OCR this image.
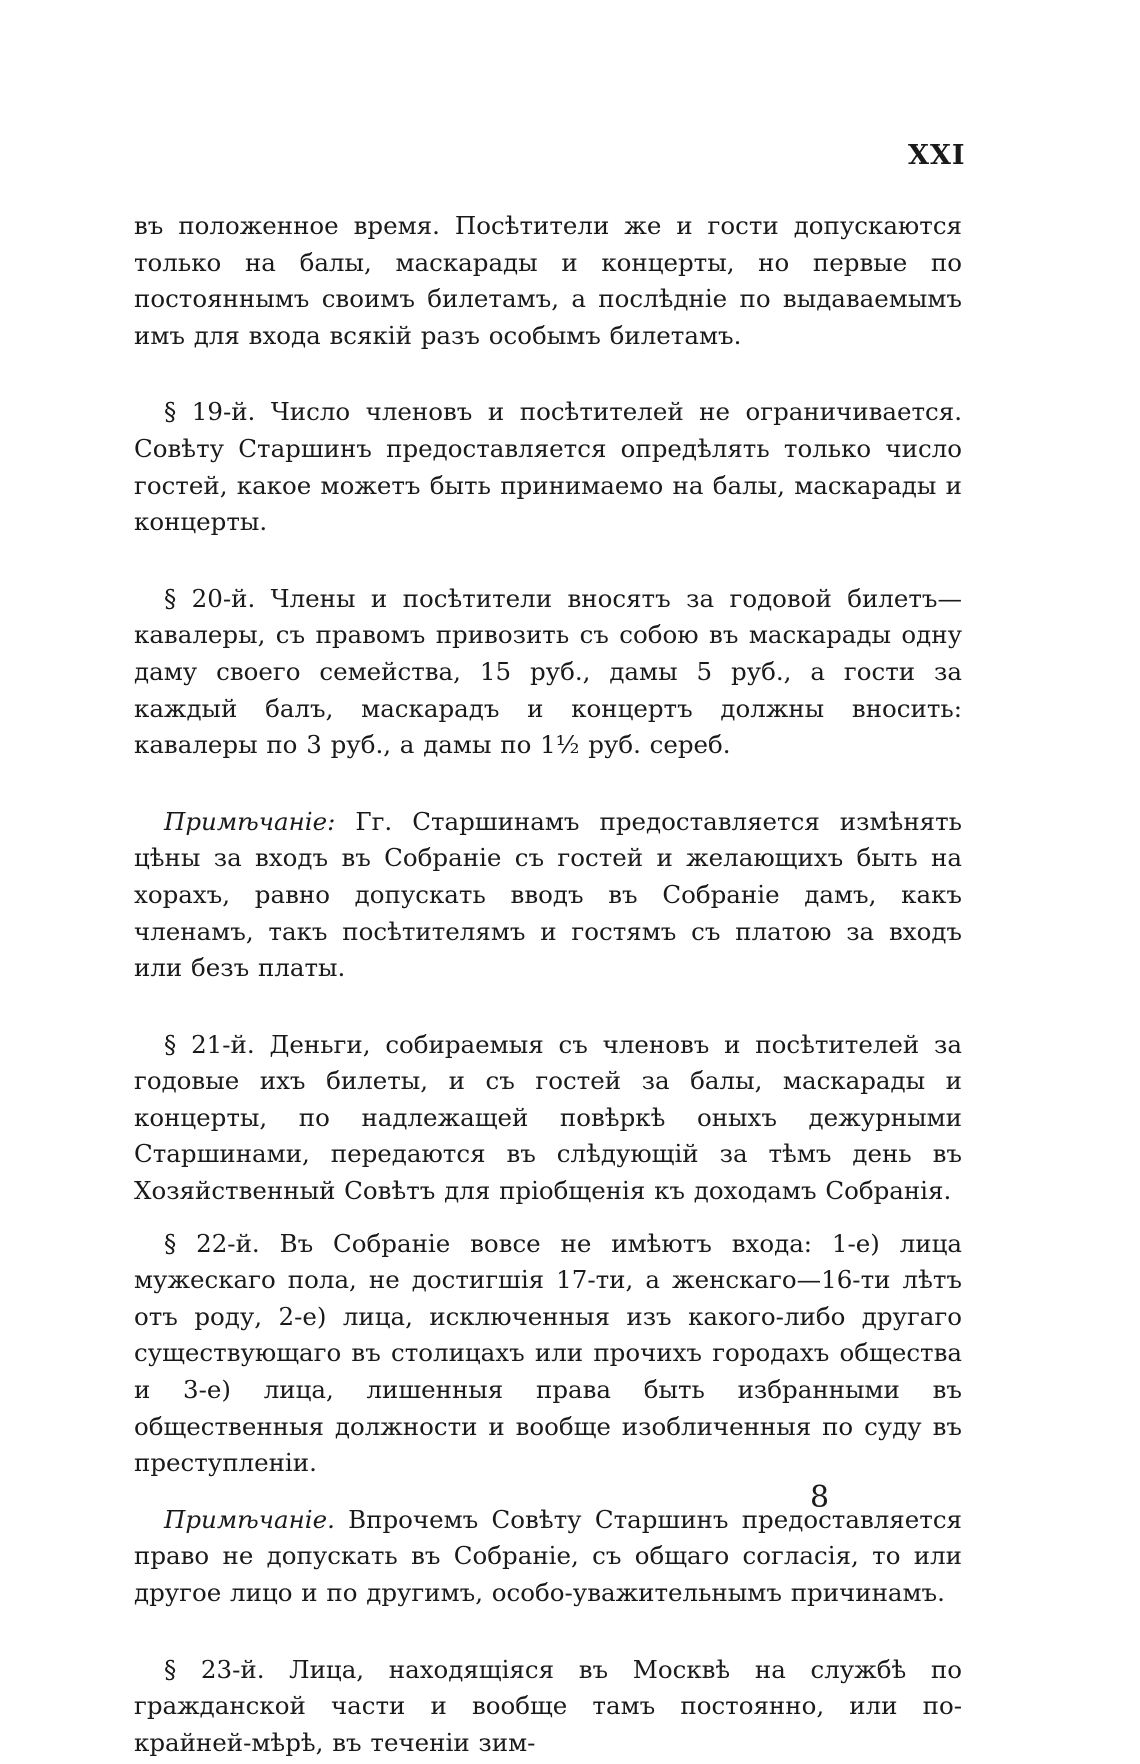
XXI

въ положенное время. Посѣтители же и гости допускаются только на балы, маскарады и концерты, но первые по постояннымъ своимъ билетамъ, а послѣдніе по выдаваемымъ имъ для входа всякій разъ особымъ билетамъ.

§ 19-й. Число членовъ и посѣтителей не ограничивается. Совѣту Старшинъ предоставляется опредѣлять только число гостей, какое можетъ быть принимаемо на балы, маскарады и концерты.

§ 20-й. Члены и посѣтители вносятъ за годовой билетъ—кавалеры, съ правомъ привозить съ собою въ маскарады одну даму своего семейства, 15 руб., дамы 5 руб., а гости за каждый балъ, маскарадъ и концертъ должны вносить: кавалеры по 3 руб., а дамы по 1½ руб. сереб.

Примѣчаніе: Гг. Старшинамъ предоставляется измѣнять цѣны за входъ въ Собраніе съ гостей и желающихъ быть на хорахъ, равно допускать вводъ въ Собраніе дамъ, какъ членамъ, такъ посѣтителямъ и гостямъ съ платою за входъ или безъ платы.

§ 21-й. Деньги, собираемыя съ членовъ и посѣтителей за годовые ихъ билеты, и съ гостей за балы, маскарады и концерты, по надлежащей повѣркѣ оныхъ дежурными Старшинами, передаются въ слѣдующій за тѣмъ день въ Хозяйственный Совѣтъ для пріобщенія къ доходамъ Собранія.

§ 22-й. Въ Собраніе вовсе не имѣютъ входа: 1-е) лица мужескаго пола, не достигшія 17-ти, а женскаго—16-ти лѣтъ отъ роду, 2-е) лица, исключенныя изъ какого-либо другаго существующаго въ столицахъ или прочихъ городахъ общества и 3-е) лица, лишенныя права быть избранными въ общественныя должности и вообще изобличенныя по суду въ преступленіи.

Примѣчаніе. Впрочемъ Совѣту Старшинъ предоставляется право не допускать въ Собраніе, съ общаго согласія, то или другое лицо и по другимъ, особо-уважительнымъ причинамъ.

§ 23-й. Лица, находящіяся въ Москвѣ на службѣ по гражданской части и вообще тамъ постоянно, или по-крайней-мѣрѣ, въ теченіи зим-

8
